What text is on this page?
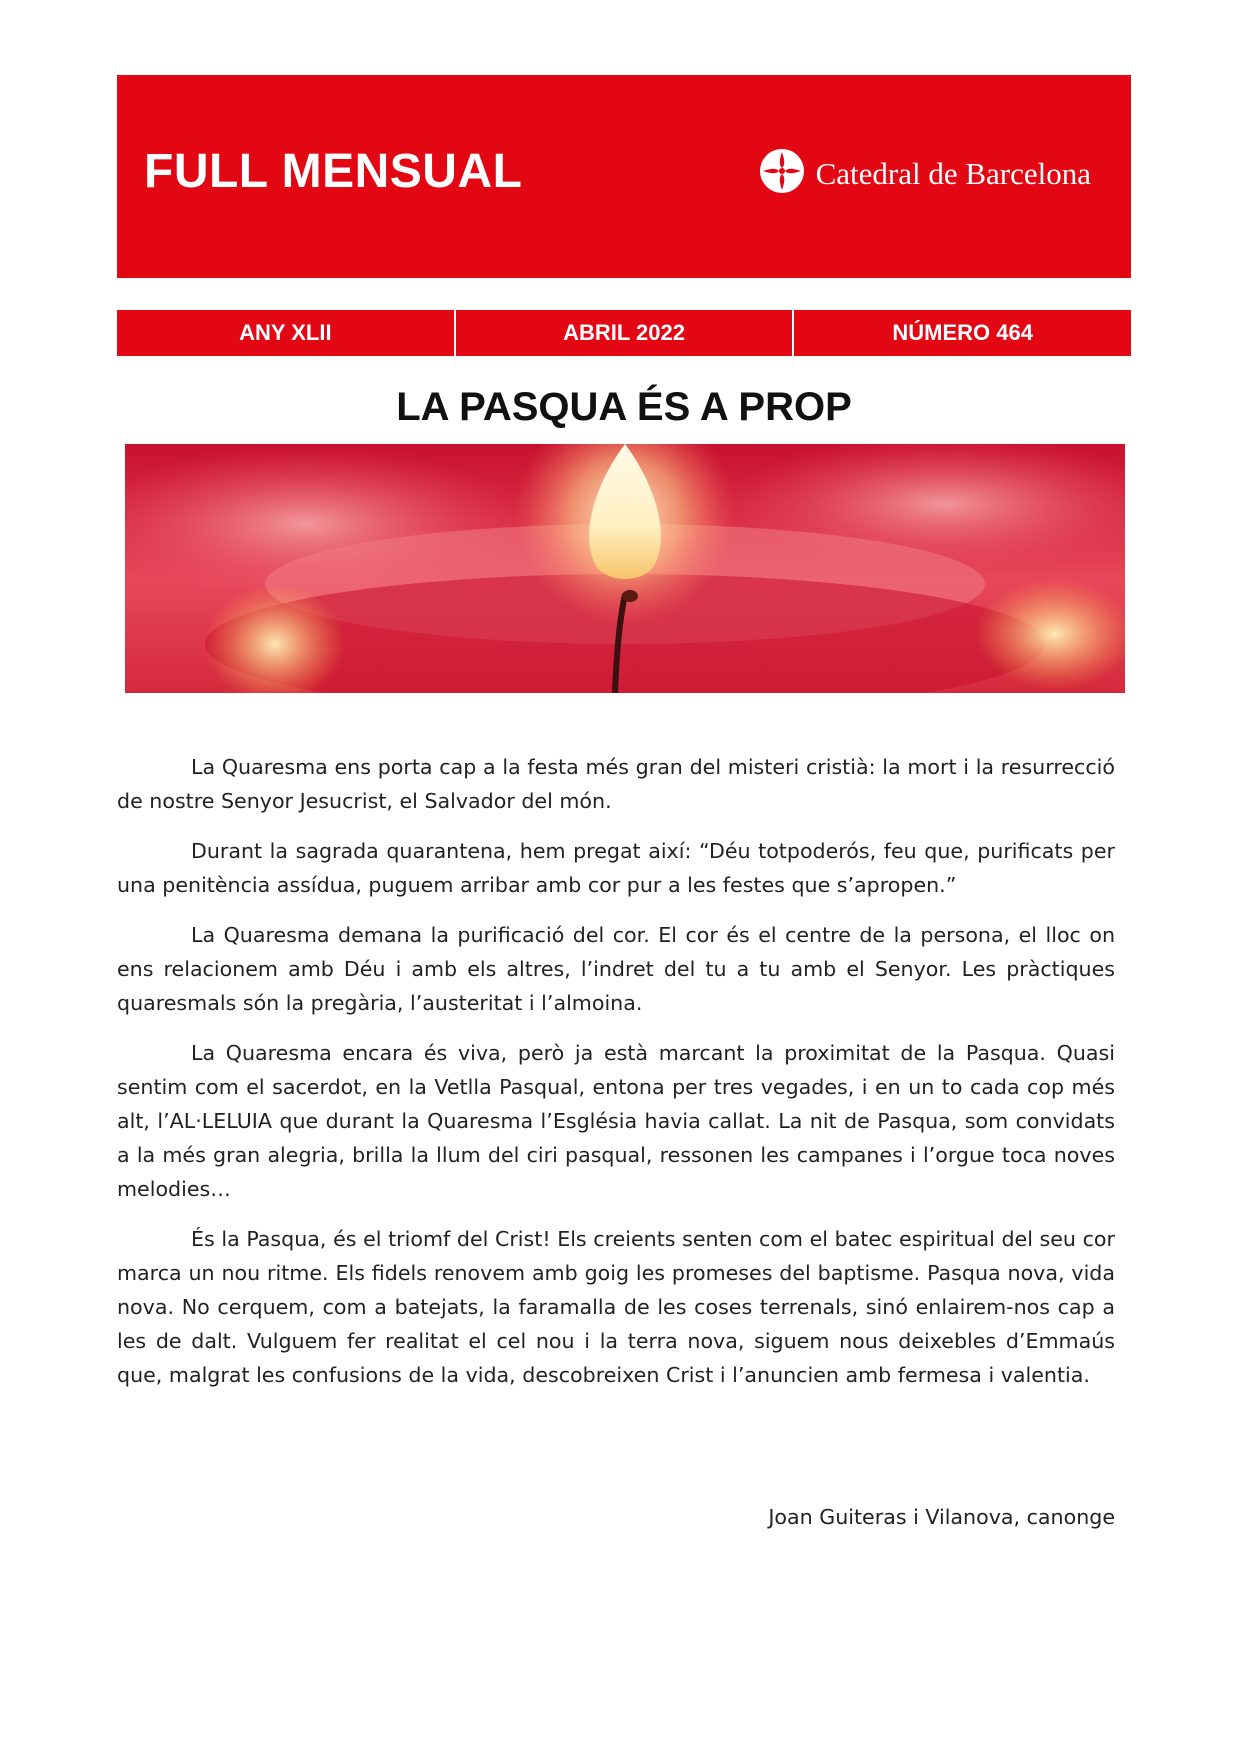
FULL MENSUAL	Catedral de Barcelona
ANY XLII	ABRIL 2022	NÚMERO 464
LA PASQUA ÉS A PROP

La Quaresma ens porta cap a la festa més gran del misteri cristià: la mort i la resurrecció de nostre Senyor Jesucrist, el Salvador del món.

Durant la sagrada quarantena, hem pregat així: “Déu totpoderós, feu que, purificats per una penitència assídua, puguem arribar amb cor pur a les festes que s’apropen.”

La Quaresma demana la purificació del cor. El cor és el centre de la persona, el lloc on ens relacionem amb Déu i amb els altres, l’indret del tu a tu amb el Senyor. Les pràctiques quaresmals són la pregària, l’austeritat i l’almoina.

La Quaresma encara és viva, però ja està marcant la proximitat de la Pasqua. Quasi sentim com el sacerdot, en la Vetlla Pasqual, entona per tres vegades, i en un to cada cop més alt, l’AL·LELUIA que durant la Quaresma l’Església havia callat. La nit de Pasqua, som convidats a la més gran alegria, brilla la llum del ciri pasqual, ressonen les campanes i l’orgue toca noves melodies…

És la Pasqua, és el triomf del Crist! Els creients senten com el batec espiritual del seu cor marca un nou ritme. Els fidels renovem amb goig les promeses del baptisme. Pasqua nova, vida nova. No cerquem, com a batejats, la faramalla de les coses terrenals, sinó enlairem-nos cap a les de dalt. Vulguem fer realitat el cel nou i la terra nova, siguem nous deixebles d’Emmaús que, malgrat les confusions de la vida, descobreixen Crist i l’anuncien amb fermesa i valentia.

Joan Guiteras i Vilanova, canonge
